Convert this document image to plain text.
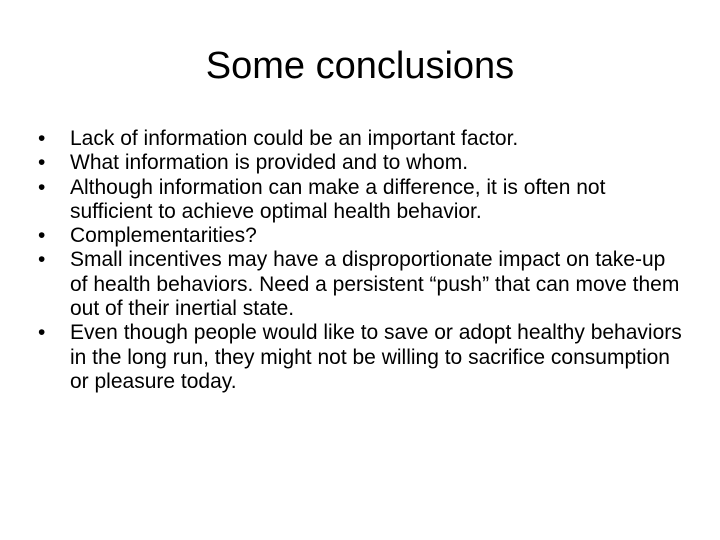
Some conclusions
•	Lack of information could be an important factor.
•	What information is provided and to whom.
•	Although information can make a difference, it is often not sufficient to achieve optimal health behavior.
•	Complementarities?
•	Small incentives may have a disproportionate impact on take-up of health behaviors. Need a persistent “push” that can move them out of their inertial state.
•	Even though people would like to save or adopt healthy behaviors in the long run, they might not be willing to sacrifice consumption or pleasure today.
